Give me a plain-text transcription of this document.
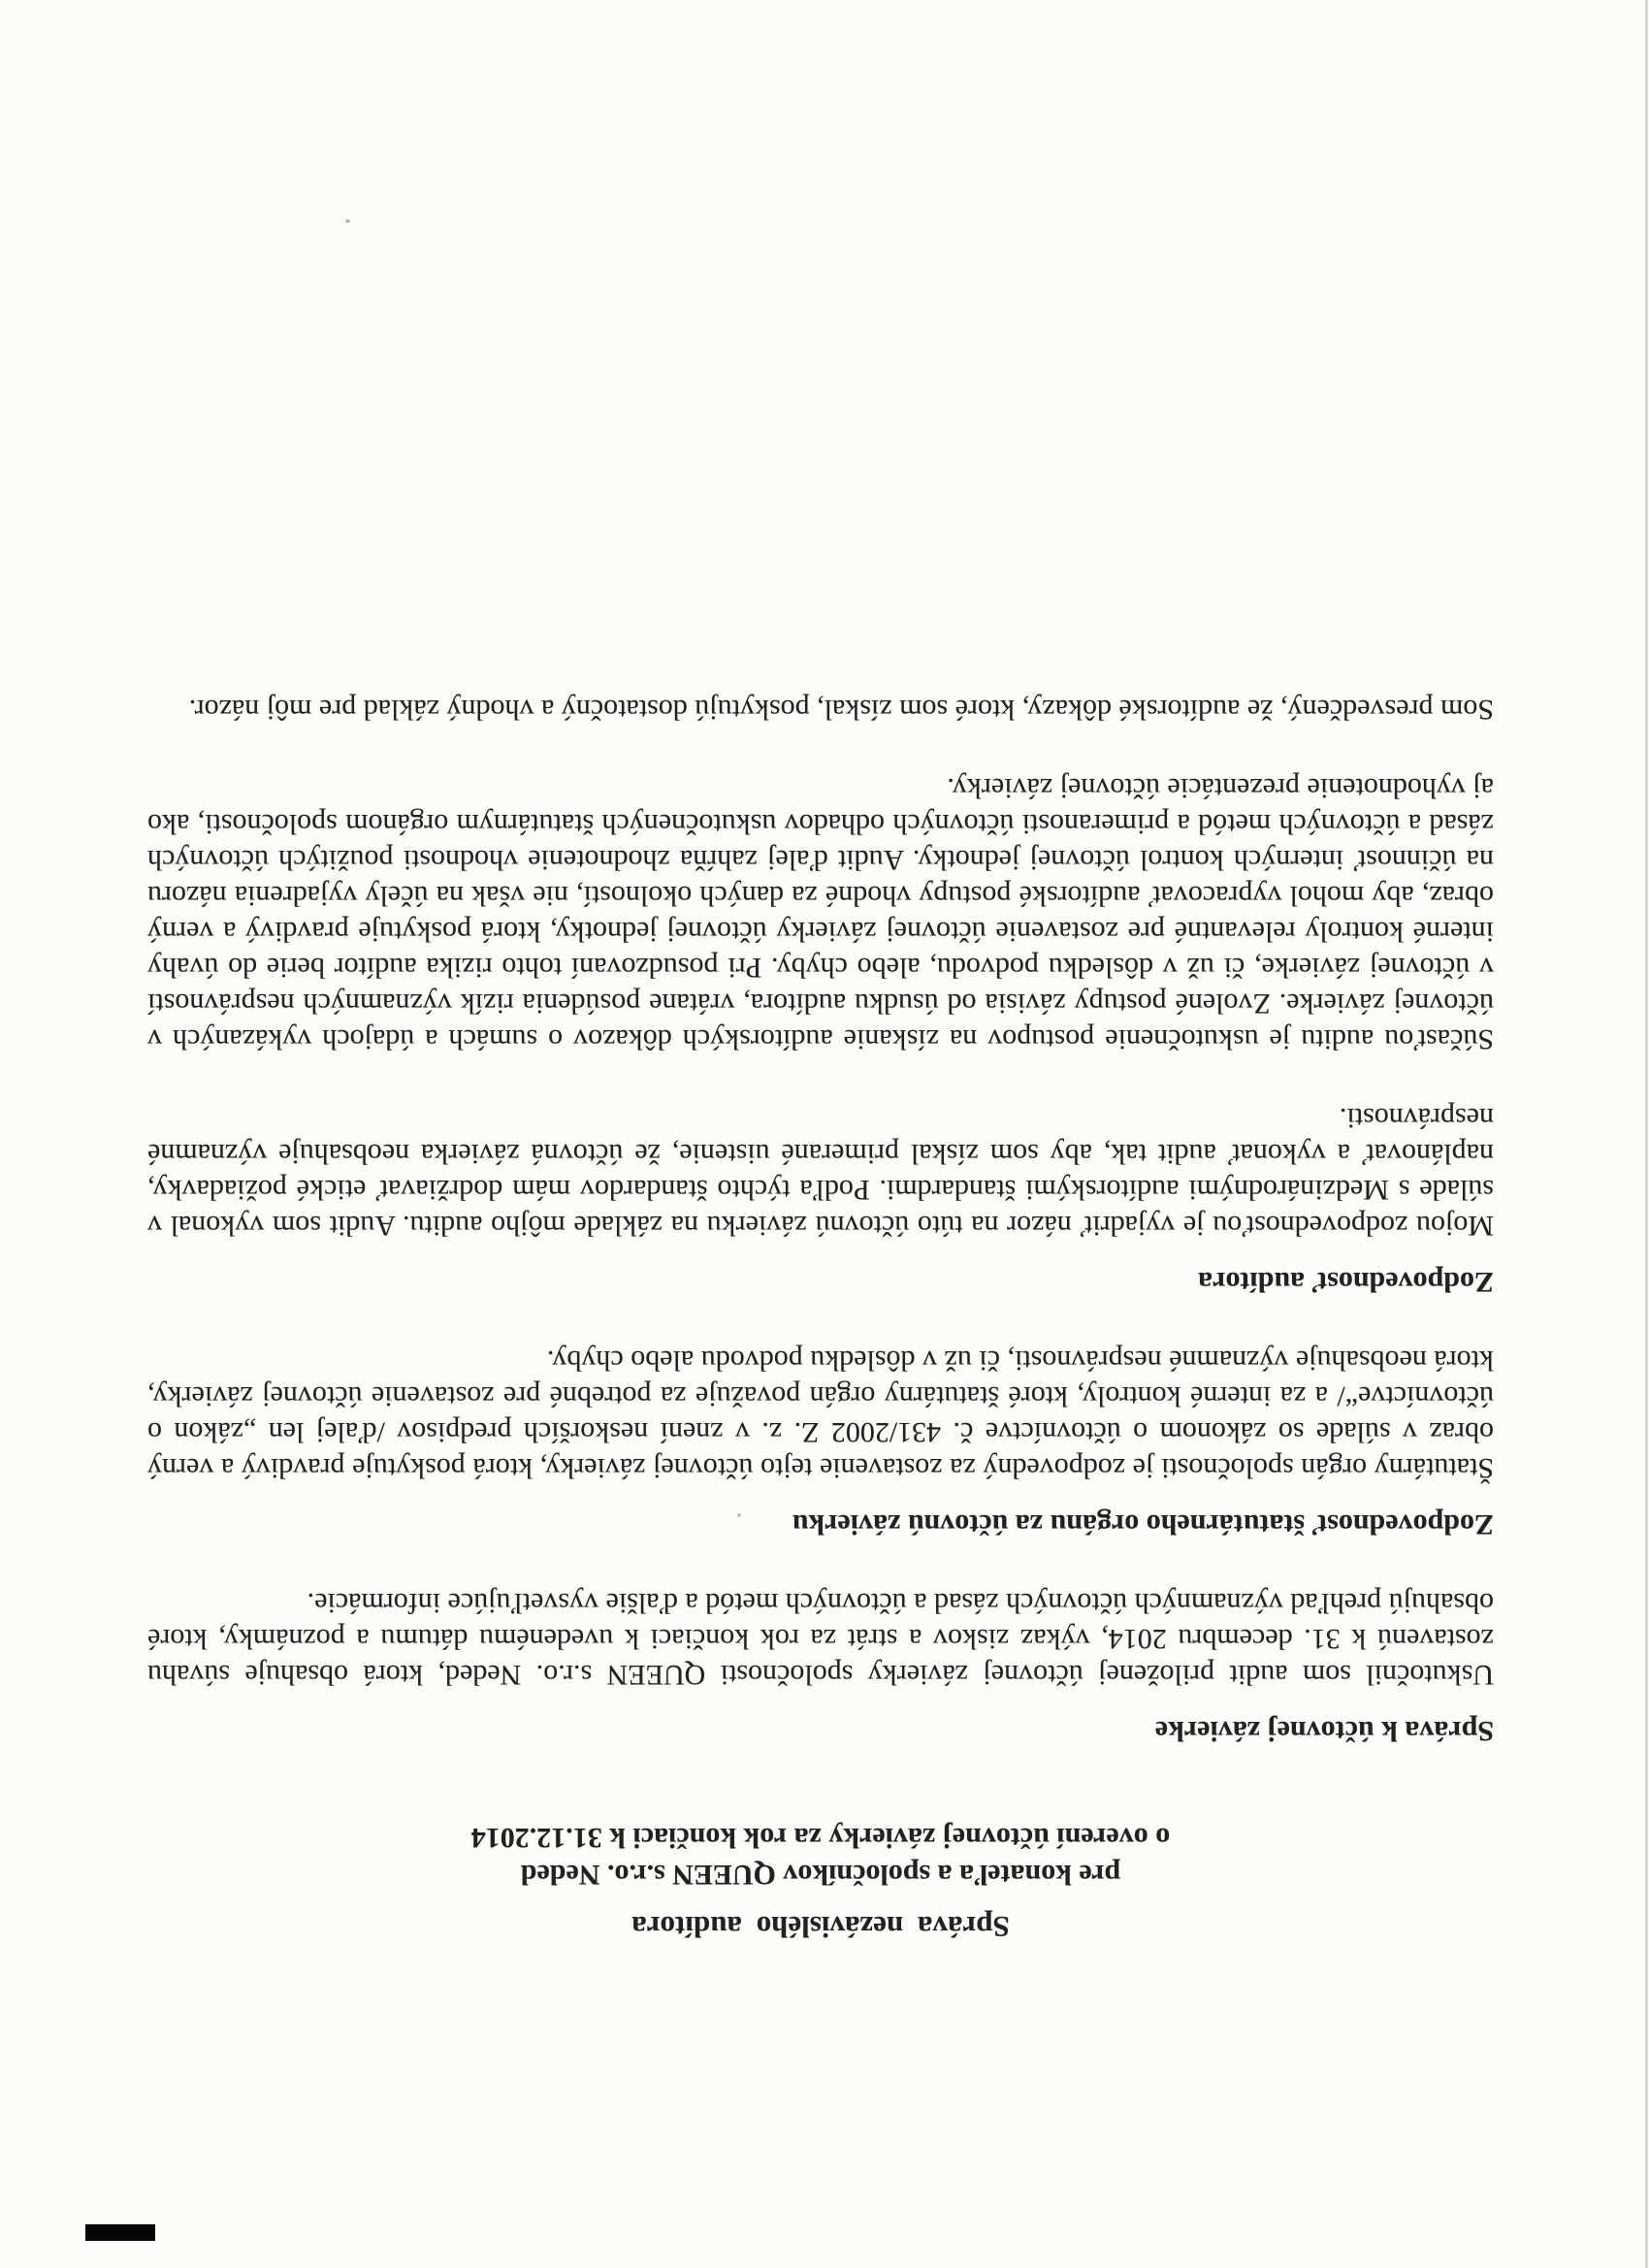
Správa nezávislého audítora
pre konateľa a spoločníkov QUEEN s.r.o. Neded
o overení účtovnej závierky za rok končiaci k 31.12.2014
Správa k účtovnej závierke

Uskutočnil som audit priloženej účtovnej závierky spoločnosti QUEEN s.r.o. Neded, ktorá obsahuje súvahu zostavenú k 31. decembru 2014, výkaz ziskov a strát za rok končiaci k uvedenému dátumu a poznámky, ktoré obsahujú prehľad významných účtovných zásad a účtovných metód a ďalšie vysvetľujúce informácie.

Zodpovednosť štatutárneho orgánu za účtovnú závierku

Štatutárny orgán spoločnosti je zodpovedný za zostavenie tejto účtovnej závierky, ktorá poskytuje pravdivý a verný obraz v súlade so zákonom o účtovníctve č. 431/2002 Z. z. v znení neskorších predpisov /ďalej len „zákon o účtovníctve“/ a za interné kontroly, ktoré štatutárny orgán považuje za potrebné pre zostavenie účtovnej závierky, ktorá neobsahuje významné nesprávnosti, či už v dôsledku podvodu alebo chyby.

Zodpovednosť audítora

Mojou zodpovednosťou je vyjadriť názor na túto účtovnú závierku na základe môjho auditu. Audit som vykonal v súlade s Medzinárodnými audítorskými štandardmi. Podľa týchto štandardov mám dodržiavať etické požiadavky, naplánovať a vykonať audit tak, aby som získal primerané uistenie, že účtovná závierka neobsahuje významné nesprávnosti.

Súčasťou auditu je uskutočnenie postupov na získanie audítorských dôkazov o sumách a údajoch vykázaných v účtovnej závierke. Zvolené postupy závisia od úsudku audítora, vrátane posúdenia rizík významných nesprávností v účtovnej závierke, či už v dôsledku podvodu, alebo chyby. Pri posudzovaní tohto rizika audítor berie do úvahy interné kontroly relevantné pre zostavenie účtovnej závierky účtovnej jednotky, ktorá poskytuje pravdivý a verný obraz, aby mohol vypracovať audítorské postupy vhodné za daných okolností, nie však na účely vyjadrenia názoru na účinnosť interných kontrol účtovnej jednotky. Audit ďalej zahŕňa zhodnotenie vhodnosti použitých účtovných zásad a účtovných metód a primeranosti účtovných odhadov uskutočnených štatutárnym orgánom spoločnosti, ako aj vyhodnotenie prezentácie účtovnej závierky.

Som presvedčený, že audítorské dôkazy, ktoré som získal, poskytujú dostatočný a vhodný základ pre môj názor.
